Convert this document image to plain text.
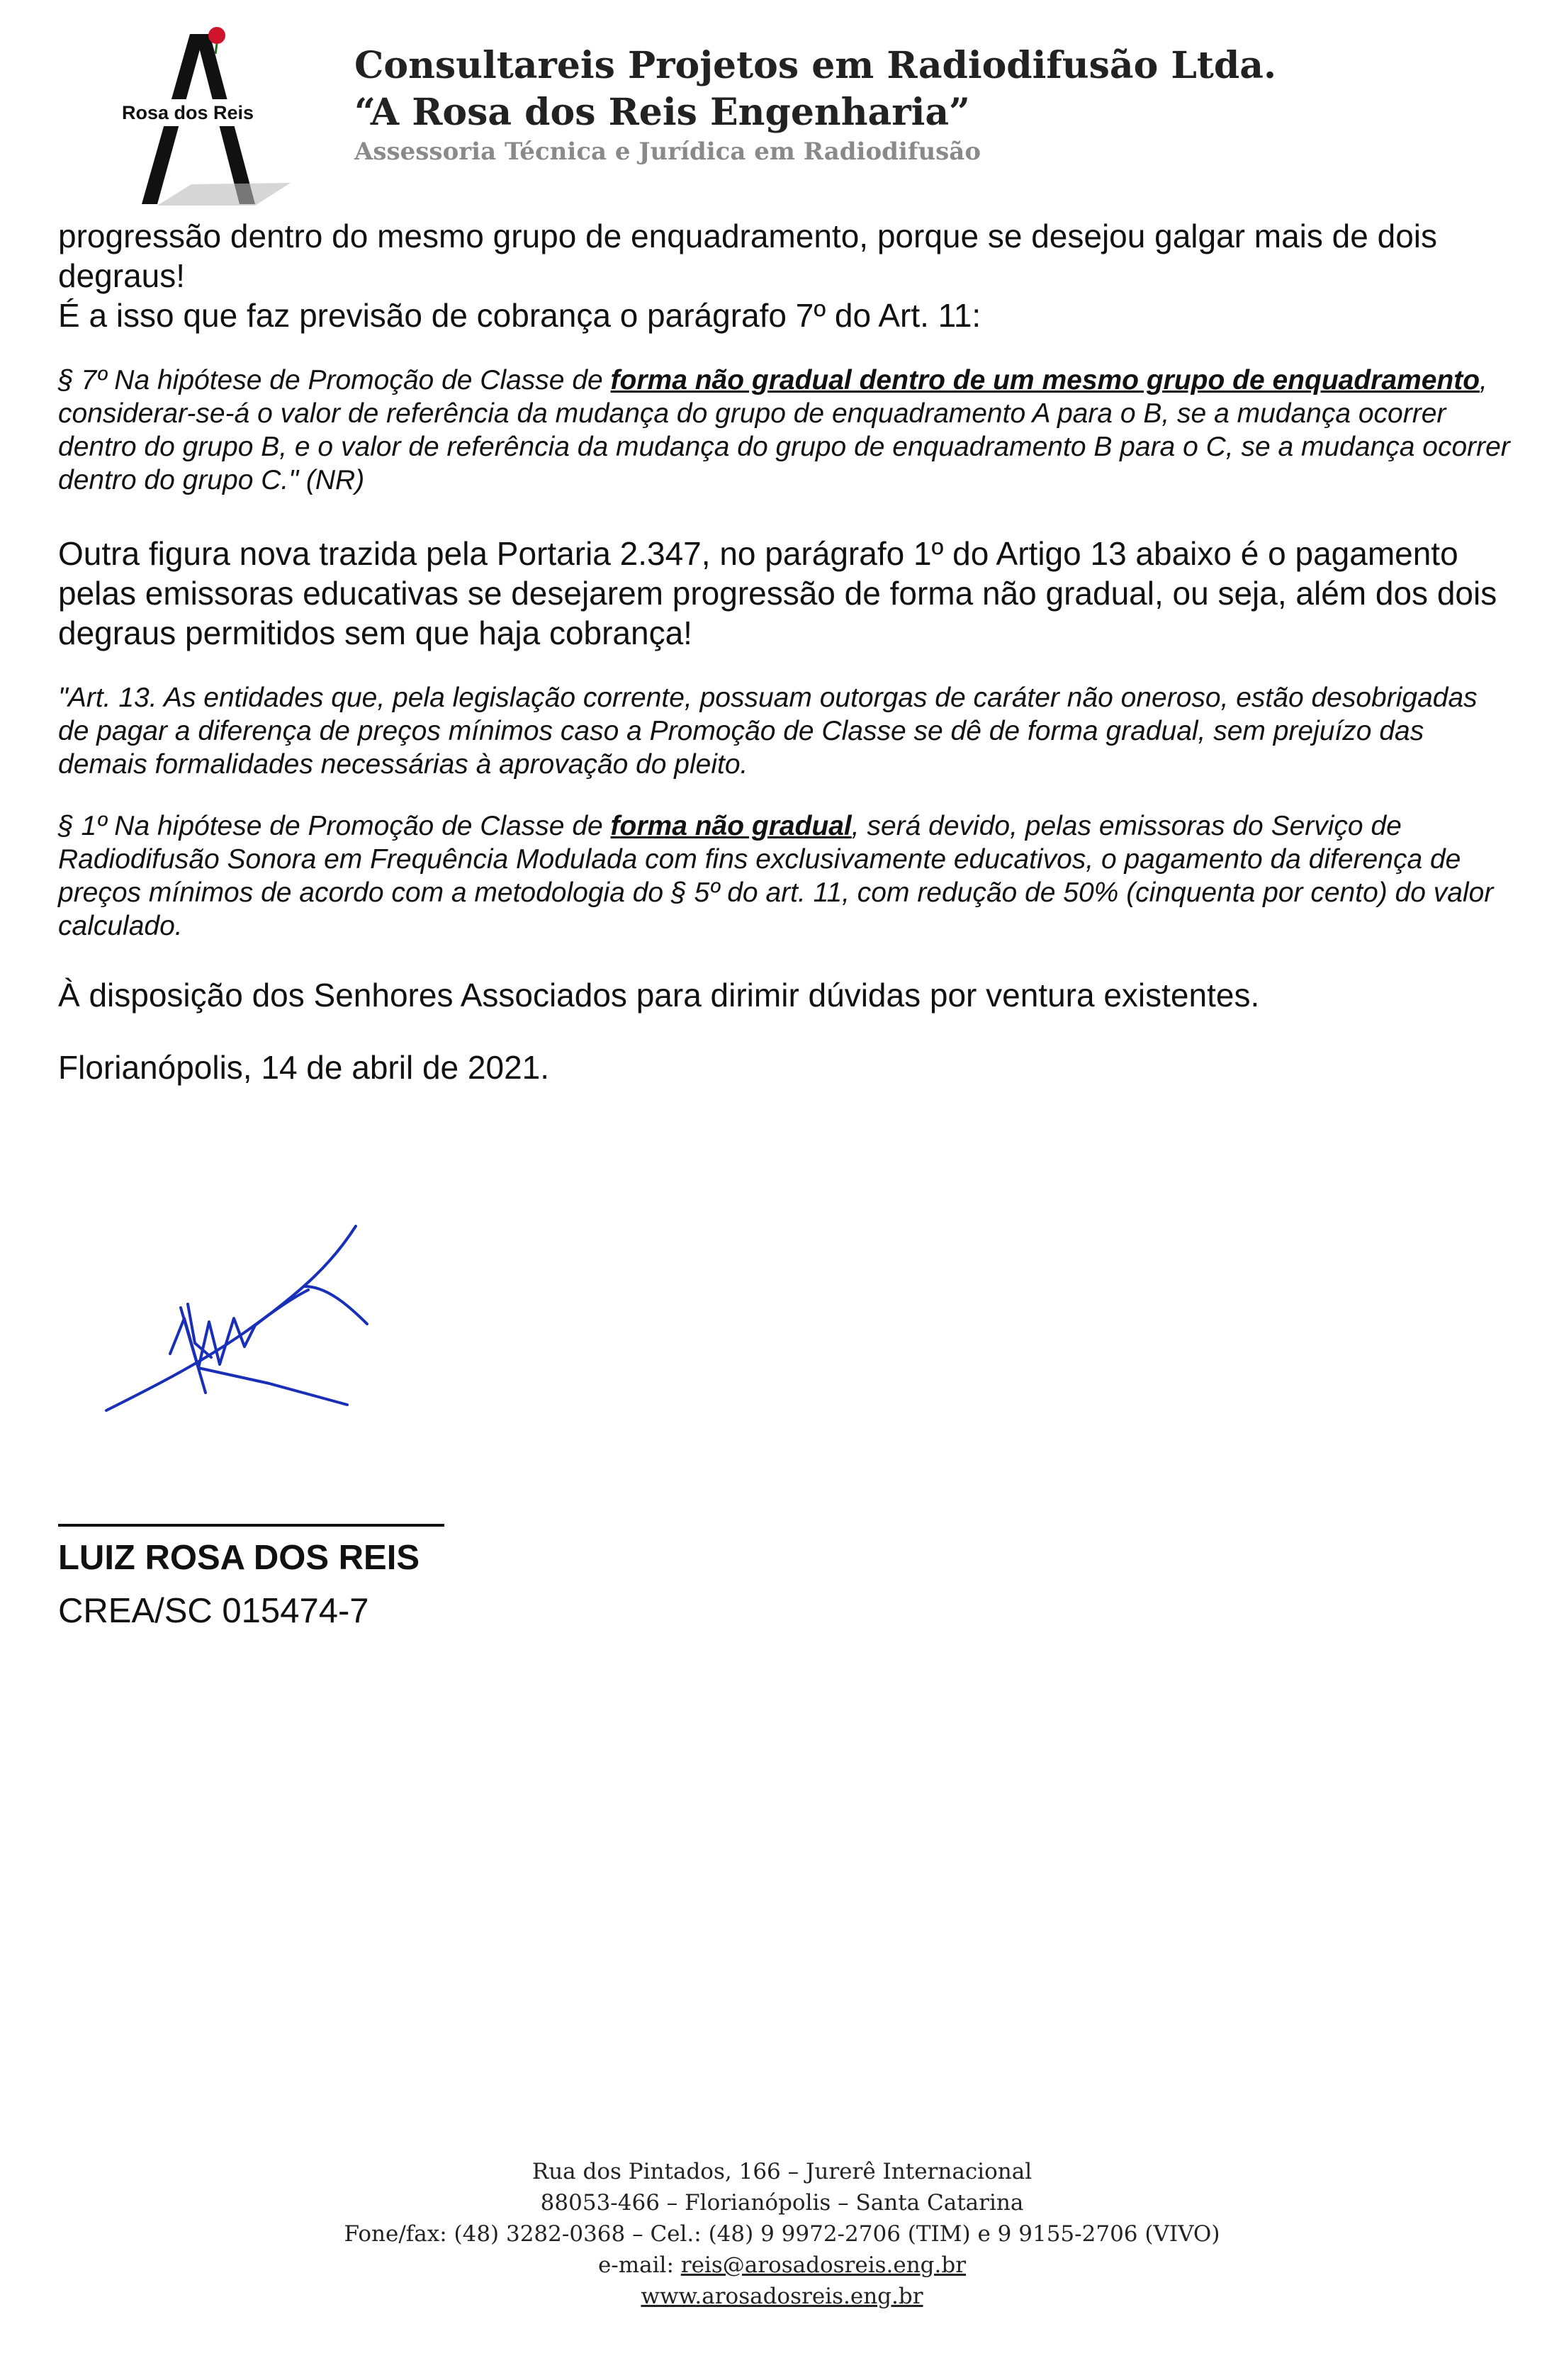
Rosa dos Reis
Consultareis Projetos em Radiodifusão Ltda.
“A Rosa dos Reis Engenharia”
Assessoria Técnica e Jurídica em Radiodifusão

progressão dentro do mesmo grupo de enquadramento, porque se desejou galgar mais de dois degraus!

É a isso que faz previsão de cobrança o parágrafo 7º do Art. 11:

§ 7º Na hipótese de Promoção de Classe de forma não gradual dentro de um mesmo grupo de enquadramento, considerar-se-á o valor de referência da mudança do grupo de enquadramento A para o B, se a mudança ocorrer dentro do grupo B, e o valor de referência da mudança do grupo de enquadramento B para o C, se a mudança ocorrer dentro do grupo C." (NR)

Outra figura nova trazida pela Portaria 2.347, no parágrafo 1º do Artigo 13 abaixo é o pagamento pelas emissoras educativas se desejarem progressão de forma não gradual, ou seja, além dos dois degraus permitidos sem que haja cobrança!

"Art. 13. As entidades que, pela legislação corrente, possuam outorgas de caráter não oneroso, estão desobrigadas de pagar a diferença de preços mínimos caso a Promoção de Classe se dê de forma gradual, sem prejuízo das demais formalidades necessárias à aprovação do pleito.

§ 1º Na hipótese de Promoção de Classe de forma não gradual, será devido, pelas emissoras do Serviço de Radiodifusão Sonora em Frequência Modulada com fins exclusivamente educativos, o pagamento da diferença de preços mínimos de acordo com a metodologia do § 5º do art. 11, com redução de 50% (cinquenta por cento) do valor calculado.

À disposição dos Senhores Associados para dirimir dúvidas por ventura existentes.

Florianópolis, 14 de abril de 2021.

LUIZ ROSA DOS REIS
CREA/SC 015474-7
Rua dos Pintados, 166 – Jurerê Internacional
88053-466 – Florianópolis – Santa Catarina
Fone/fax: (48) 3282-0368 – Cel.: (48) 9 9972-2706 (TIM) e 9 9155-2706 (VIVO)
e-mail: reis@arosadosreis.eng.br
www.arosadosreis.eng.br
